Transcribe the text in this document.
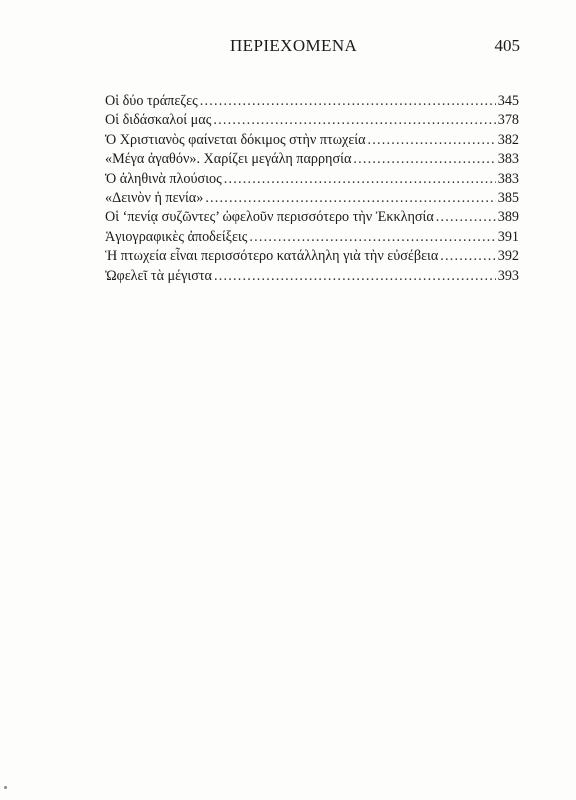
ΠΕΡΙΕΧΟΜΕΝΑ	405
Οἱ δύο τράπεζες .....	345
Οἱ διδάσκαλοί μας .....	378
Ὁ Χριστιανὸς φαίνεται δόκιμος στὴν πτωχεία .....	382
«Μέγα ἀγαθόν». Χαρίζει μεγάλη παρρησία .....	383
Ὁ ἀληθινὰ πλούσιος .....	383
«Δεινὸν ἡ πενία» .....	385
Οἱ ‘πενίᾳ συζῶντες’ ὠφελοῦν περισσότερο τὴν Ἐκκλησία .....	389
Ἁγιογραφικὲς ἀποδείξεις .....	391
Ἡ πτωχεία εἶναι περισσότερο κατάλληλη γιὰ τὴν εὐσέβεια .....	392
Ὠφελεῖ τὰ μέγιστα .....	393
